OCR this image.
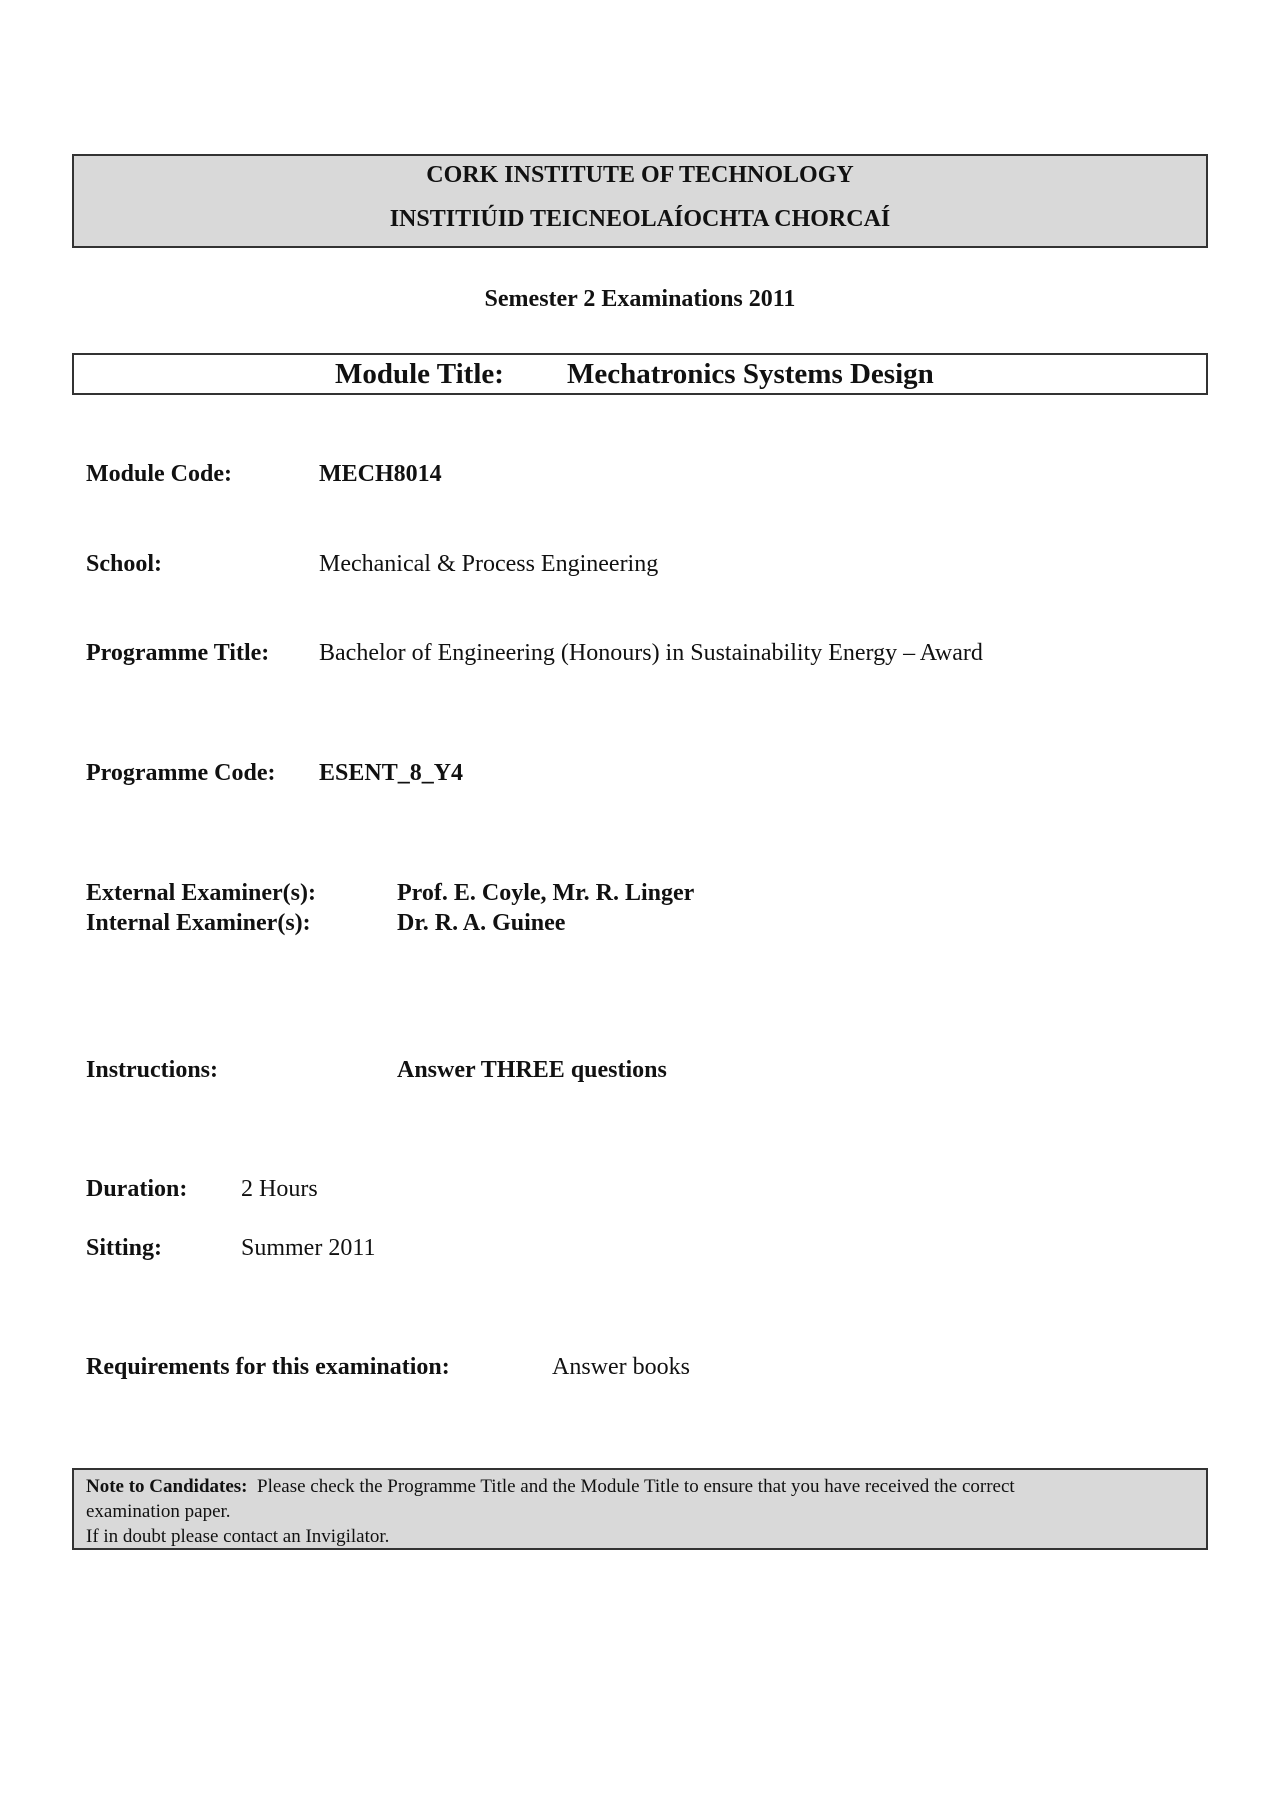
CORK INSTITUTE OF TECHNOLOGY
INSTITIÚID TEICNEOLAÍOCHTA CHORCAÍ
Semester 2 Examinations 2011
Module Title: Mechatronics Systems Design
Module Code:	MECH8014
School:	Mechanical & Process Engineering
Programme Title: Bachelor of Engineering (Honours) in Sustainability Energy – Award
Programme Code: ESENT_8_Y4
External Examiner(s):	Prof. E. Coyle, Mr. R. Linger
Internal Examiner(s):	Dr. R. A. Guinee
Instructions:	Answer THREE questions
Duration: 2 Hours
Sitting:	Summer 2011
Requirements for this examination:	Answer books
Note to Candidates: Please check the Programme Title and the Module Title to ensure that you have received the correct
examination paper.
If in doubt please contact an Invigilator.
